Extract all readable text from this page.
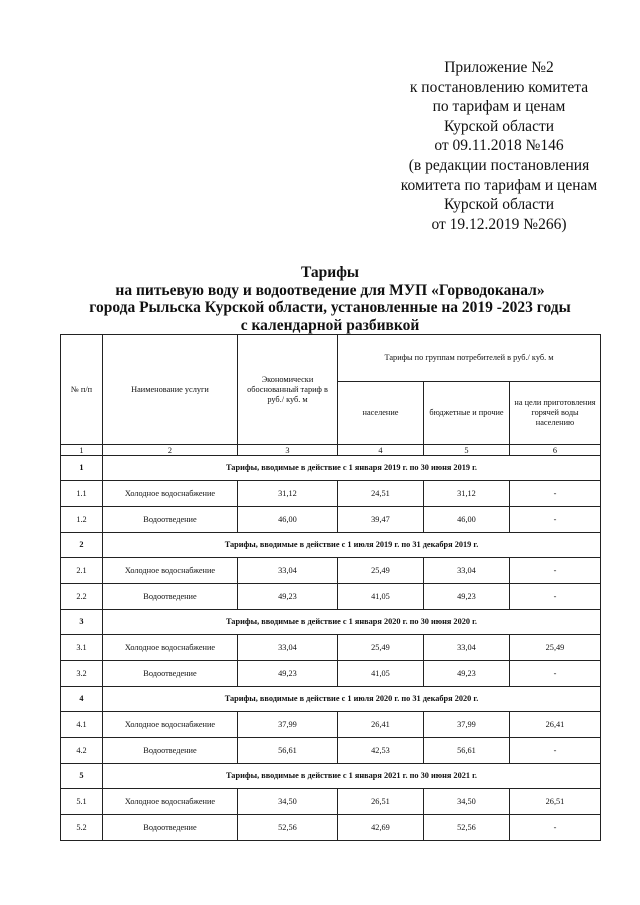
Приложение №2
к постановлению комитета
по тарифам и ценам
Курской области
от 09.11.2018 №146
(в редакции постановления
комитета по тарифам и ценам
Курской области
от 19.12.2019 №266)
Тарифы
на питьевую воду и водоотведение для МУП «Горводоканал»
города Рыльска Курской области, установленные на 2019 -2023 годы
с календарной разбивкой
№ п/п	Наименование услуги	Экономически обоснованный тариф в руб./ куб. м	Тарифы по группам потребителей в руб./ куб. м		
			население	бюджетные и прочие	на цели приготовления горячей воды населению
1	2	3	4	5	6
1	Тарифы, вводимые в действие с 1 января 2019 г. по 30 июня 2019 г.				
1.1	Холодное водоснабжение	31,12	24,51	31,12	-
1.2	Водоотведение	46,00	39,47	46,00	-
2	Тарифы, вводимые в действие с 1 июля 2019 г. по 31 декабря 2019 г.				
2.1	Холодное водоснабжение	33,04	25,49	33,04	-
2.2	Водоотведение	49,23	41,05	49,23	-
3	Тарифы, вводимые в действие с 1 января 2020 г. по 30 июня 2020 г.				
3.1	Холодное водоснабжение	33,04	25,49	33,04	25,49
3.2	Водоотведение	49,23	41,05	49,23	-
4	Тарифы, вводимые в действие с 1 июля 2020 г. по 31 декабря 2020 г.				
4.1	Холодное водоснабжение	37,99	26,41	37,99	26,41
4.2	Водоотведение	56,61	42,53	56,61	-
5	Тарифы, вводимые в действие с 1 января 2021 г. по 30 июня 2021 г.				
5.1	Холодное водоснабжение	34,50	26,51	34,50	26,51
5.2	Водоотведение	52,56	42,69	52,56	-
